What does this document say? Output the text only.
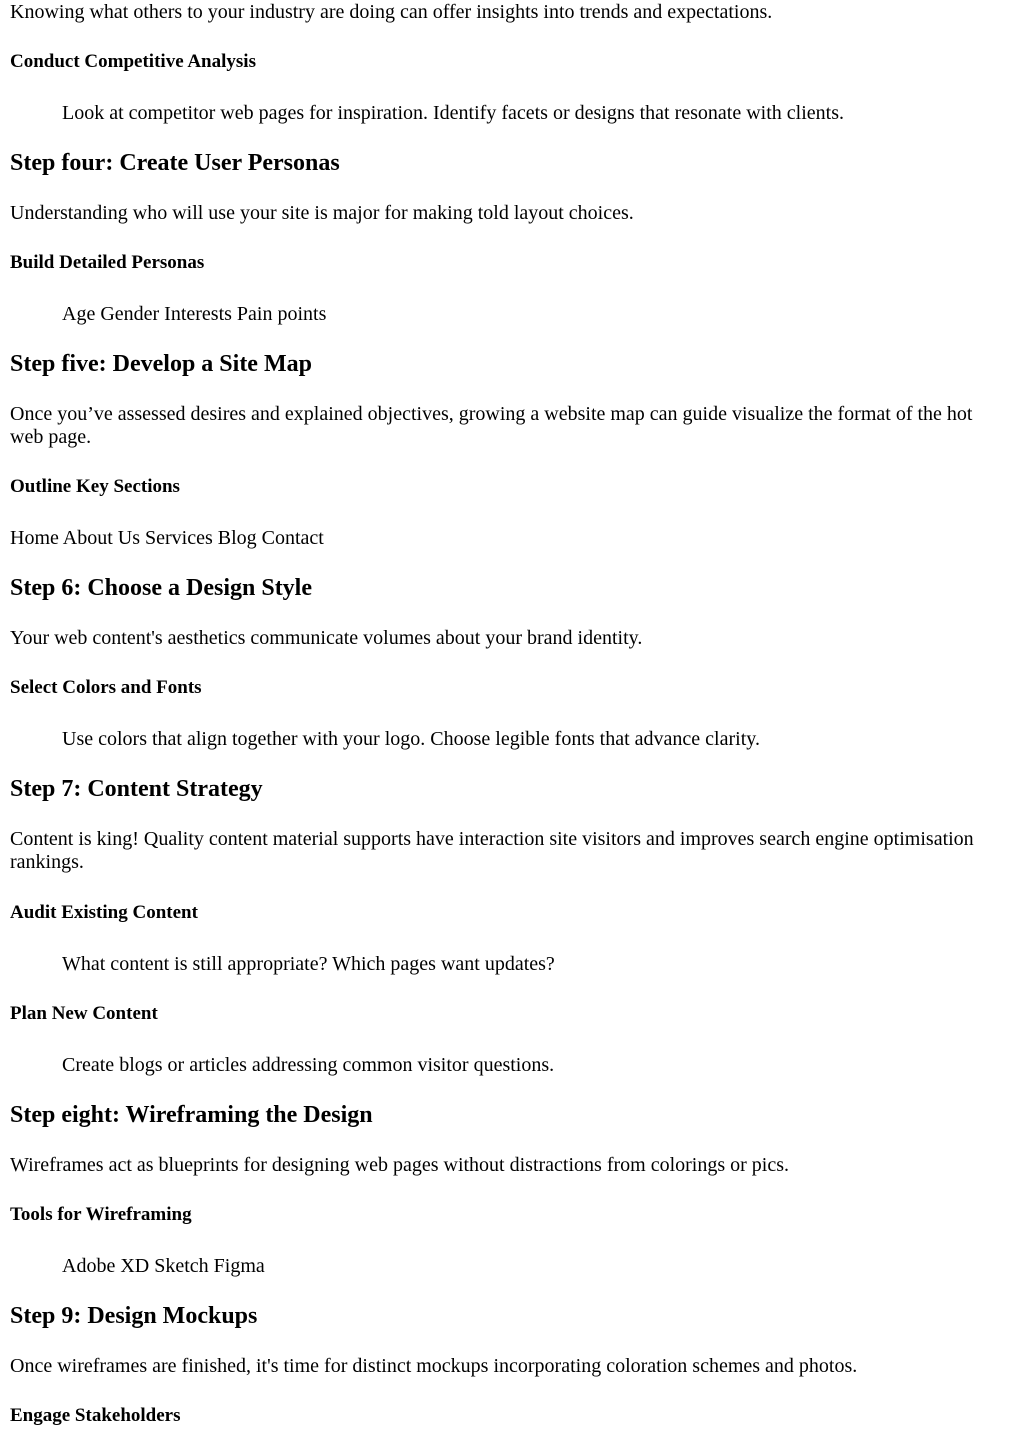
Knowing what others to your industry are doing can offer insights into trends and expectations.

Conduct Competitive Analysis
Look at competitor web pages for inspiration. Identify facets or designs that resonate with clients.
Step four: Create User Personas

Understanding who will use your site is major for making told layout choices.

Build Detailed Personas
Age Gender Interests Pain points
Step five: Develop a Site Map

Once you’ve assessed desires and explained objectives, growing a website map can guide visualize the format of the hot web page.

Outline Key Sections

Home About Us Services Blog Contact

Step 6: Choose a Design Style

Your web content's aesthetics communicate volumes about your brand identity.

Select Colors and Fonts
Use colors that align together with your logo. Choose legible fonts that advance clarity.
Step 7: Content Strategy

Content is king! Quality content material supports have interaction site visitors and improves search engine optimisation rankings.

Audit Existing Content
What content is still appropriate? Which pages want updates?
Plan New Content
Create blogs or articles addressing common visitor questions.
Step eight: Wireframing the Design

Wireframes act as blueprints for designing web pages without distractions from colorings or pics.

Tools for Wireframing
Adobe XD Sketch Figma
Step 9: Design Mockups

Once wireframes are finished, it's time for distinct mockups incorporating coloration schemes and photos.

Engage Stakeholders
